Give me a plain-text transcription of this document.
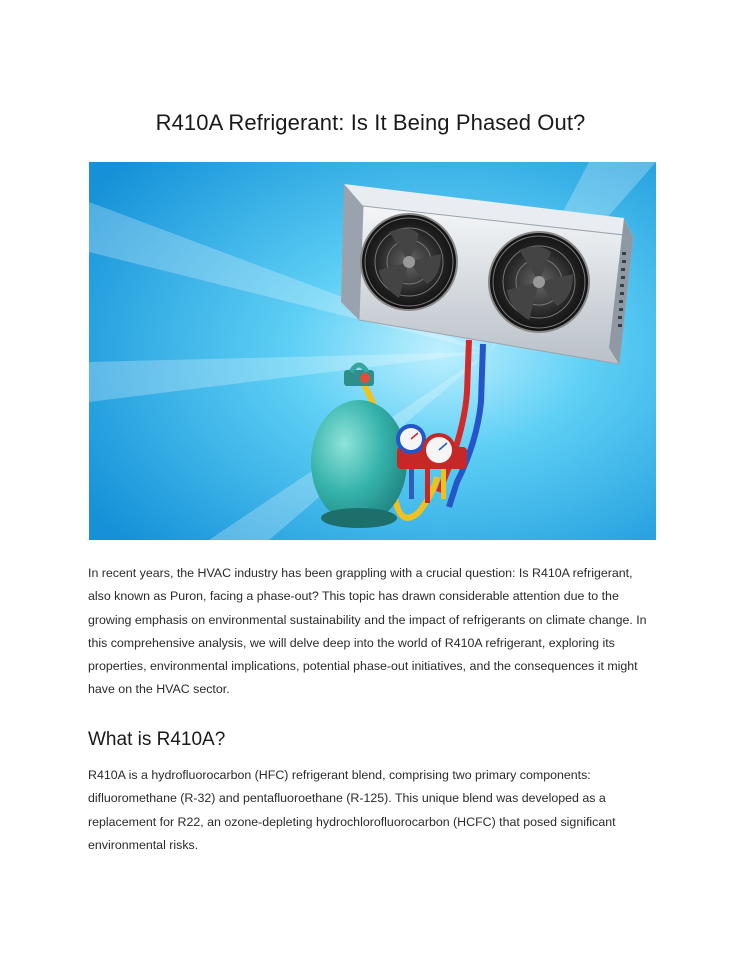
R410A Refrigerant: Is It Being Phased Out?

In recent years, the HVAC industry has been grappling with a crucial question: Is R410A refrigerant, also known as Puron, facing a phase-out? This topic has drawn considerable attention due to the growing emphasis on environmental sustainability and the impact of refrigerants on climate change. In this comprehensive analysis, we will delve deep into the world of R410A refrigerant, exploring its properties, environmental implications, potential phase-out initiatives, and the consequences it might have on the HVAC sector.

What is R410A?

R410A is a hydrofluorocarbon (HFC) refrigerant blend, comprising two primary components: difluoromethane (R-32) and pentafluoroethane (R-125). This unique blend was developed as a replacement for R22, an ozone-depleting hydrochlorofluorocarbon (HCFC) that posed significant environmental risks.
